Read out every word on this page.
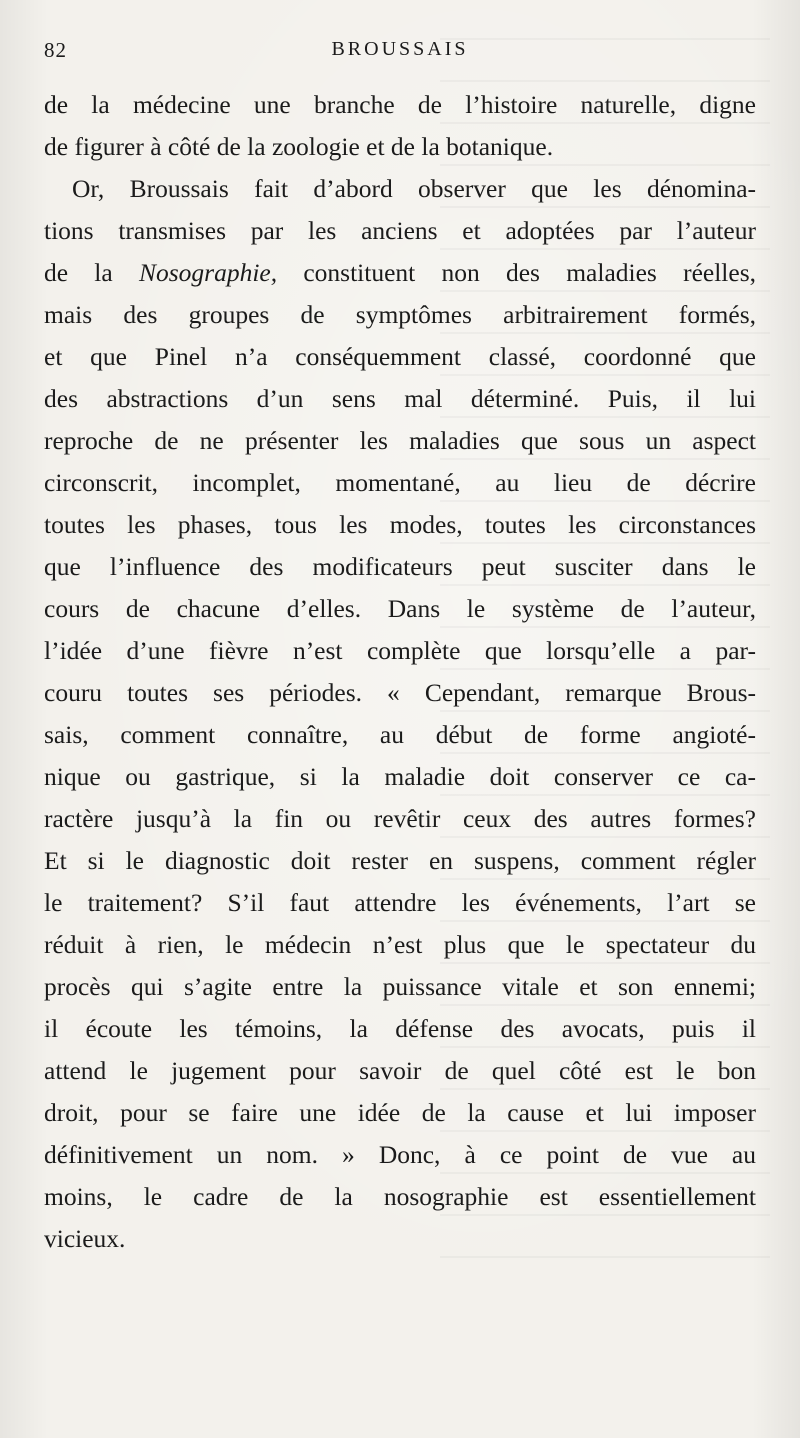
82	BROUSSAIS
de la médecine une branche de l’histoire naturelle, digne
de figurer à côté de la zoologie et de la botanique.
Or, Broussais fait d’abord observer que les dénomina-
tions transmises par les anciens et adoptées par l’auteur
de la Nosographie, constituent non des maladies réelles,
mais des groupes de symptômes arbitrairement formés,
et que Pinel n’a conséquemment classé, coordonné que
des abstractions d’un sens mal déterminé. Puis, il lui
reproche de ne présenter les maladies que sous un aspect
circonscrit, incomplet, momentané, au lieu de décrire
toutes les phases, tous les modes, toutes les circonstances
que l’influence des modificateurs peut susciter dans le
cours de chacune d’elles. Dans le système de l’auteur,
l’idée d’une fièvre n’est complète que lorsqu’elle a par-
couru toutes ses périodes. « Cependant, remarque Brous-
sais, comment connaître, au début de forme angioté-
nique ou gastrique, si la maladie doit conserver ce ca-
ractère jusqu’à la fin ou revêtir ceux des autres formes?
Et si le diagnostic doit rester en suspens, comment régler
le traitement? S’il faut attendre les événements, l’art se
réduit à rien, le médecin n’est plus que le spectateur du
procès qui s’agite entre la puissance vitale et son ennemi;
il écoute les témoins, la défense des avocats, puis il
attend le jugement pour savoir de quel côté est le bon
droit, pour se faire une idée de la cause et lui imposer
définitivement un nom. » Donc, à ce point de vue au
moins, le cadre de la nosographie est essentiellement
vicieux.
